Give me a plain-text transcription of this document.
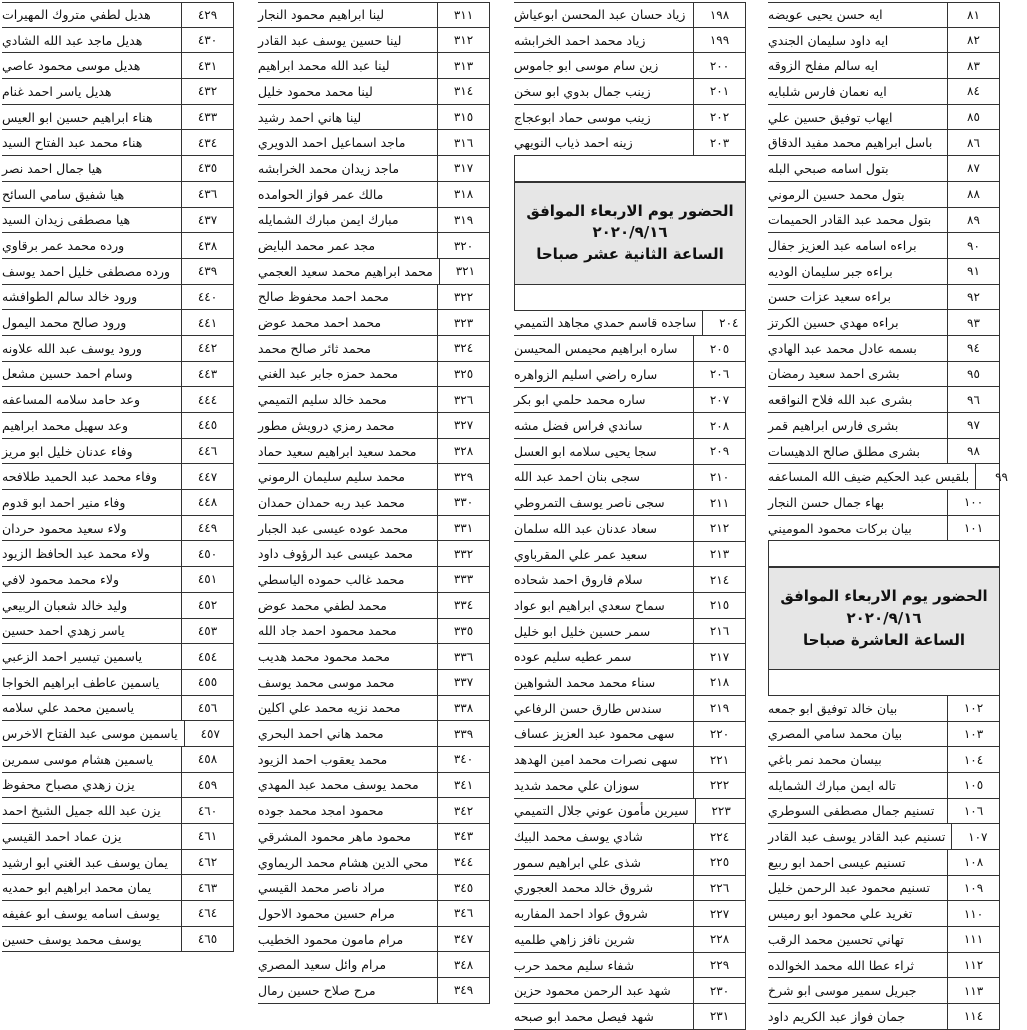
ايه حسن يحيى عويضه	٨١
ايه داود سليمان الجندي	٨٢
ايه سالم مفلح الزوقه	٨٣
ايه نعمان فارس شلبايه	٨٤
ايهاب توفيق حسين علي	٨٥
باسل ابراهيم محمد مفيد الدقاق	٨٦
بتول اسامه صبحي البله	٨٧
بتول محمد حسين الرموني	٨٨
بتول محمد عبد القادر الحميمات	٨٩
براءه اسامه عبد العزيز جفال	٩٠
براءه جبر سليمان الوديه	٩١
براءه سعيد عزات حسن	٩٢
براءه مهدي حسين الكرتز	٩٣
بسمه عادل محمد عبد الهادي	٩٤
بشرى احمد سعيد رمضان	٩٥
بشرى عبد الله فلاح النواقعه	٩٦
بشرى فارس ابراهيم قمر	٩٧
بشرى مطلق صالح الدهيسات	٩٨
بلقيس عبد الحكيم ضيف الله المساعفه	٩٩
بهاء جمال حسن النجار	١٠٠
بيان بركات محمود الموميني	١٠١
الحضور يوم الاربعاء الموافق
٢٠٢٠/٩/١٦
الساعة العاشرة صباحا
بيان خالد توفيق ابو جمعه	١٠٢
بيان محمد سامي المصري	١٠٣
بيسان محمد نمر باغي	١٠٤
تاله ايمن مبارك الشمايله	١٠٥
تسنيم جمال مصطفى السوطري	١٠٦
تسنيم عبد القادر يوسف عبد القادر	١٠٧
تسنيم عيسى احمد ابو ربيع	١٠٨
تسنيم محمود عبد الرحمن خليل	١٠٩
تغريد علي محمود ابو رميس	١١٠
تهاني تحسين محمد الرقب	١١١
ثراء عطا الله محمد الخوالده	١١٢
جبريل سمير موسى ابو شرخ	١١٣
جمان فواز عبد الكريم داود	١١٤
زياد حسان عبد المحسن ابوعياش	١٩٨
زياد محمد احمد الخرابشه	١٩٩
زين سام موسى ابو جاموس	٢٠٠
زينب جمال بدوي ابو سخن	٢٠١
زينب موسى حماد ابوعجاج	٢٠٢
زينه احمد ذياب النويهي	٢٠٣
الحضور يوم الاربعاء الموافق
٢٠٢٠/٩/١٦
الساعة الثانية عشر صباحا
ساجده قاسم حمدي مجاهد التميمي	٢٠٤
ساره ابراهيم محيمس المحيسن	٢٠٥
ساره راضي اسليم الزواهره	٢٠٦
ساره محمد حلمي ابو بكر	٢٠٧
ساندي فراس فضل مشه	٢٠٨
سجا يحيى سلامه ابو العسل	٢٠٩
سجى بنان احمد عبد الله	٢١٠
سجى ناصر يوسف التمروطي	٢١١
سعاد عدنان عبد الله سلمان	٢١٢
سعيد عمر علي المقرباوي	٢١٣
سلام فاروق احمد شحاده	٢١٤
سماح سعدي ابراهيم ابو عواد	٢١٥
سمر حسين خليل ابو خليل	٢١٦
سمر عطيه سليم عوده	٢١٧
سناء محمد محمد الشواهين	٢١٨
سندس طارق حسن الرفاعي	٢١٩
سهى محمود عبد العزيز عساف	٢٢٠
سهى نصرات محمد امين الهدهد	٢٢١
سوزان علي محمد شديد	٢٢٢
سيرين مأمون عوني جلال التميمي	٢٢٣
شادي يوسف محمد البيك	٢٢٤
شذى علي ابراهيم سمور	٢٢٥
شروق خالد محمد العجوري	٢٢٦
شروق عواد احمد المفاربه	٢٢٧
شرين نافز زاهي طلميه	٢٢٨
شفاء سليم محمد حرب	٢٢٩
شهد عبد الرحمن محمود حزين	٢٣٠
شهد فيصل محمد ابو صبحه	٢٣١
لينا ابراهيم محمود النجار	٣١١
لينا حسين يوسف عبد القادر	٣١٢
لينا عبد الله محمد ابراهيم	٣١٣
لينا محمد محمود خليل	٣١٤
لينا هاني احمد رشيد	٣١٥
ماجد اسماعيل احمد الدويري	٣١٦
ماجد زيدان محمد الخرابشه	٣١٧
مالك عمر فواز الحوامده	٣١٨
مبارك ايمن مبارك الشمايله	٣١٩
مجد عمر محمد البايض	٣٢٠
محمد ابراهيم محمد سعيد العجمي	٣٢١
محمد احمد محفوظ صالح	٣٢٢
محمد احمد محمد عوض	٣٢٣
محمد ثائر صالح محمد	٣٢٤
محمد حمزه جابر عبد الغني	٣٢٥
محمد خالد سليم التميمي	٣٢٦
محمد رمزي درويش مطور	٣٢٧
محمد سعيد ابراهيم سعيد حماد	٣٢٨
محمد سليم سليمان الرموني	٣٢٩
محمد عبد ربه حمدان حمدان	٣٣٠
محمد عوده عيسى عبد الجبار	٣٣١
محمد عيسى عبد الرؤوف داود	٣٣٢
محمد غالب حموده الياسطي	٣٣٣
محمد لطفي محمد عوض	٣٣٤
محمد محمود احمد جاد الله	٣٣٥
محمد محمود محمد هديب	٣٣٦
محمد موسى محمد يوسف	٣٣٧
محمد نزيه محمد علي اكلين	٣٣٨
محمد هاني احمد البحري	٣٣٩
محمد يعقوب احمد الزيود	٣٤٠
محمد يوسف محمد عبد المهدي	٣٤١
محمود امجد محمد جوده	٣٤٢
محمود ماهر محمود المشرقي	٣٤٣
محي الدين هشام محمد الريماوي	٣٤٤
مراد ناصر محمد القيسي	٣٤٥
مرام حسين محمود الاحول	٣٤٦
مرام مامون محمود الخطيب	٣٤٧
مرام وائل سعيد المصري	٣٤٨
مرح صلاح حسين رمال	٣٤٩
هديل لطفي متروك المهيرات	٤٢٩
هديل ماجد عبد الله الشادي	٤٣٠
هديل موسى محمود عاصي	٤٣١
هديل ياسر احمد غنام	٤٣٢
هناء ابراهيم حسين ابو العيس	٤٣٣
هناء محمد عبد الفتاح السيد	٤٣٤
هيا جمال احمد نصر	٤٣٥
هيا شفيق سامي السائح	٤٣٦
هيا مصطفى زيدان السيد	٤٣٧
ورده محمد عمر برقاوي	٤٣٨
ورده مصطفى خليل احمد يوسف	٤٣٩
ورود خالد سالم الطوافشه	٤٤٠
ورود صالح محمد اليمول	٤٤١
ورود يوسف عبد الله علاونه	٤٤٢
وسام احمد حسين مشعل	٤٤٣
وعد حامد سلامه المساعفه	٤٤٤
وعد سهيل محمد ابراهيم	٤٤٥
وفاء عدنان خليل ابو مريز	٤٤٦
وفاء محمد عبد الحميد طلافحه	٤٤٧
وفاء منير احمد ابو قدوم	٤٤٨
ولاء سعيد محمود حردان	٤٤٩
ولاء محمد عبد الحافظ الزيود	٤٥٠
ولاء محمد محمود لافي	٤٥١
وليد خالد شعبان الربيعي	٤٥٢
ياسر زهدي احمد حسين	٤٥٣
ياسمين تيسير احمد الزعبي	٤٥٤
ياسمين عاطف ابراهيم الخواجا	٤٥٥
ياسمين محمد علي سلامه	٤٥٦
ياسمين موسى عبد الفتاح الاخرس	٤٥٧
ياسمين هشام موسى سمرين	٤٥٨
يزن زهدي مصباح محفوظ	٤٥٩
يزن عبد الله جميل الشيخ احمد	٤٦٠
يزن عماد احمد القيسي	٤٦١
يمان يوسف عبد الغني ابو ارشيد	٤٦٢
يمان محمد ابراهيم ابو حمديه	٤٦٣
يوسف اسامه يوسف ابو عفيفه	٤٦٤
يوسف محمد يوسف حسين	٤٦٥
